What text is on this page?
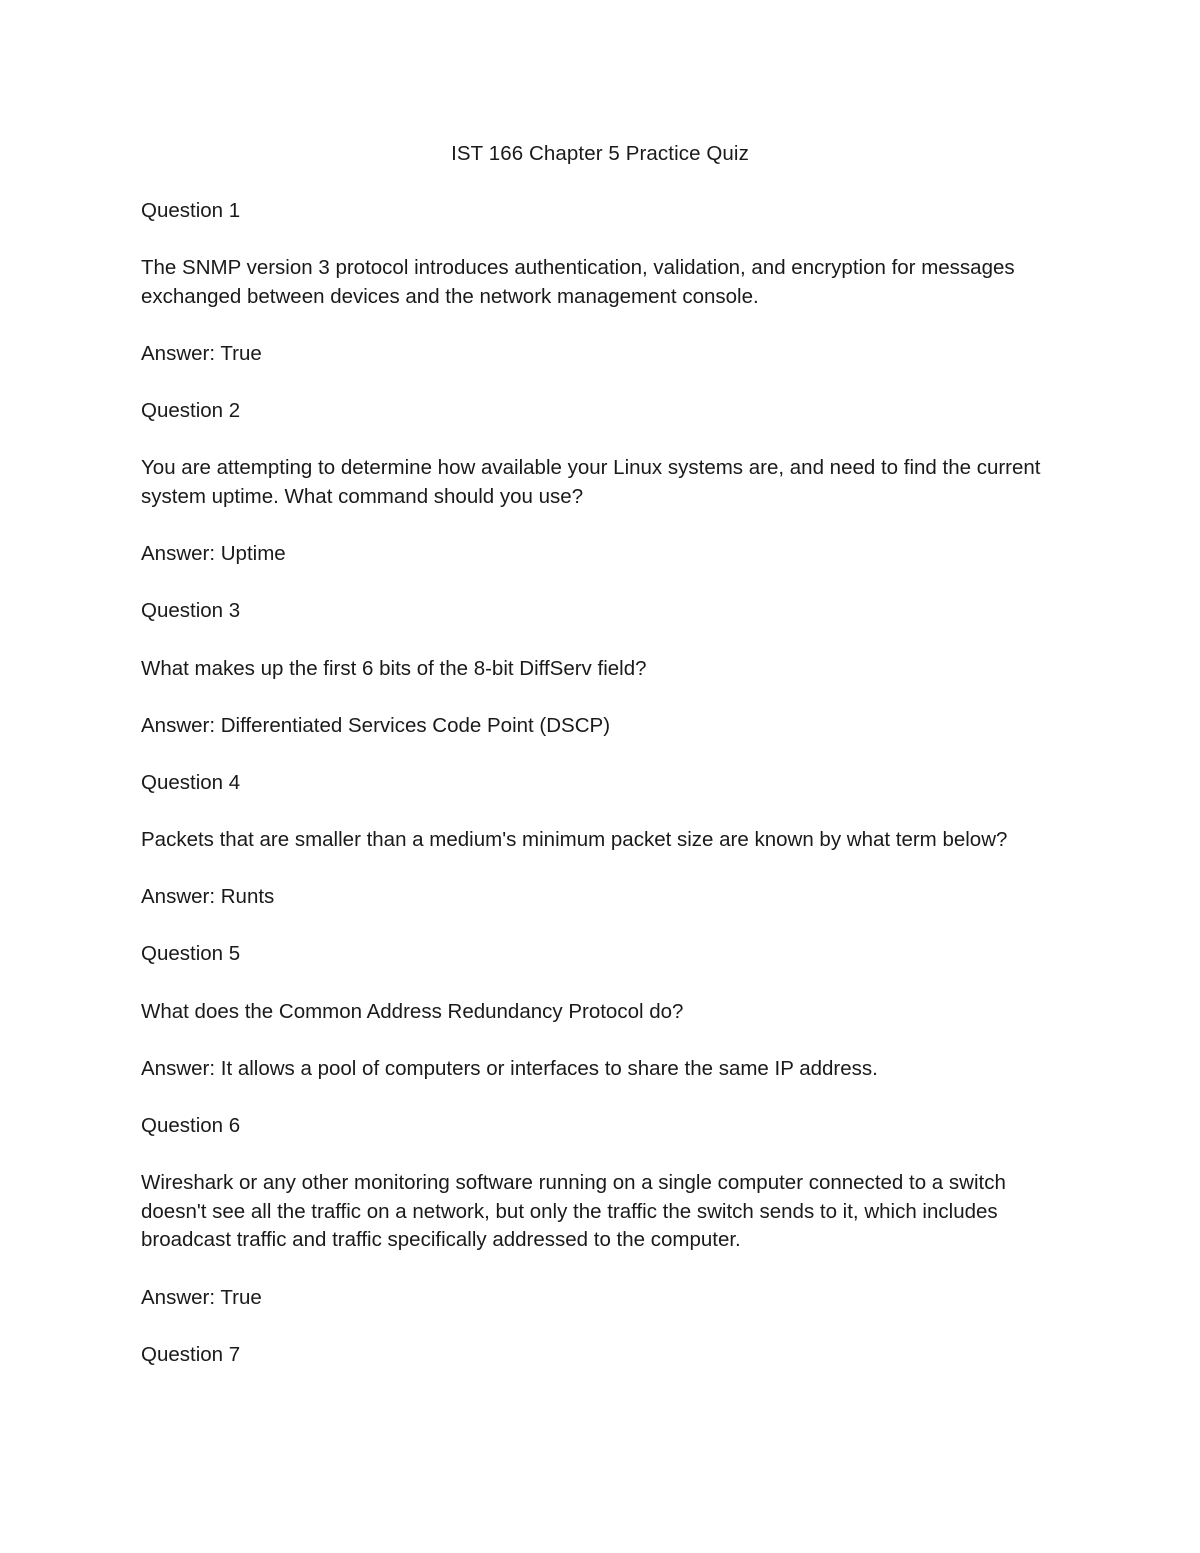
IST 166 Chapter 5 Practice Quiz
Question 1
The SNMP version 3 protocol introduces authentication, validation, and encryption for messages exchanged between devices and the network management console.
Answer: True
Question 2
You are attempting to determine how available your Linux systems are, and need to find the current system uptime. What command should you use?
Answer: Uptime
Question 3
What makes up the first 6 bits of the 8-bit DiffServ field?
Answer: Differentiated Services Code Point (DSCP)
Question 4
Packets that are smaller than a medium's minimum packet size are known by what term below?
Answer: Runts
Question 5
What does the Common Address Redundancy Protocol do?
Answer: It allows a pool of computers or interfaces to share the same IP address.
Question 6
Wireshark or any other monitoring software running on a single computer connected to a switch doesn't see all the traffic on a network, but only the traffic the switch sends to it, which includes broadcast traffic and traffic specifically addressed to the computer.
Answer: True
Question 7
